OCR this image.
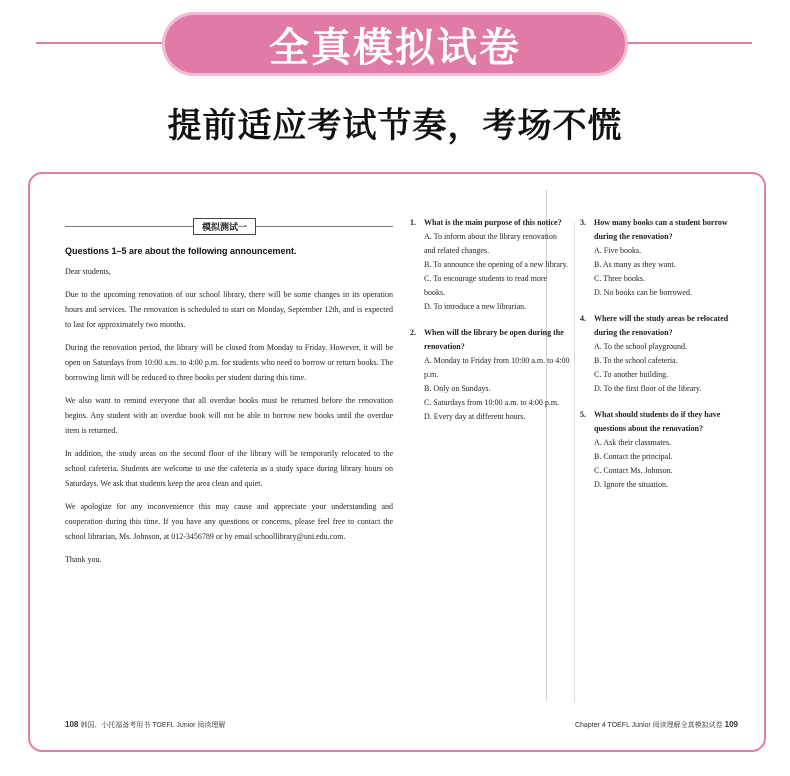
全真模拟试卷
提前适应考试节奏，考场不慌
模拟测试一
Questions 1–5 are about the following announcement.
Dear students,
Due to the upcoming renovation of our school library, there will be some changes in its operation hours and services. The renovation is scheduled to start on Monday, September 12th, and is expected to last for approximately two months.
During the renovation period, the library will be closed from Monday to Friday. However, it will be open on Saturdays from 10:00 a.m. to 4:00 p.m. for students who need to borrow or return books. The borrowing limit will be reduced to three books per student during this time.
We also want to remind everyone that all overdue books must be returned before the renovation begins. Any student with an overdue book will not be able to borrow new books until the overdue item is returned.
In addition, the study areas on the second floor of the library will be temporarily relocated to the school cafeteria. Students are welcome to use the cafeteria as a study space during library hours on Saturdays. We ask that students keep the area clean and quiet.
We apologize for any inconvenience this may cause and appreciate your understanding and cooperation during this time. If you have any questions or concerns, please feel free to contact the school librarian, Ms. Johnson, at 012-3456789 or by email schoollibrary@uni.edu.com.
Thank you.
1.	What is the main purpose of this notice?
A. To inform about the library renovation and related changes.
B. To announce the opening of a new library.
C. To encourage students to read more books.
D. To introduce a new librarian.
2.	When will the library be open during the renovation?
A. Monday to Friday from 10:00 a.m. to 4:00 p.m.
B. Only on Sundays.
C. Saturdays from 10:00 a.m. to 4:00 p.m.
D. Every day at different hours.
3.	How many books can a student borrow during the renovation?
A. Five books.
B. As many as they want.
C. Three books.
D. No books can be borrowed.
4.	Where will the study areas be relocated during the renovation?
A. To the school playground.
B. To the school cafeteria.
C. To another building.
D. To the first floor of the library.
5.	What should students do if they have questions about the renovation?
A. Ask their classmates.
B. Contact the principal.
C. Contact Ms. Johnson.
D. Ignore the situation.
108 韩国、小托福备考用书 TOEFL Junior 阅读理解	Chapter 4 TOEFL Junior 阅读理解全真模拟试卷 109
